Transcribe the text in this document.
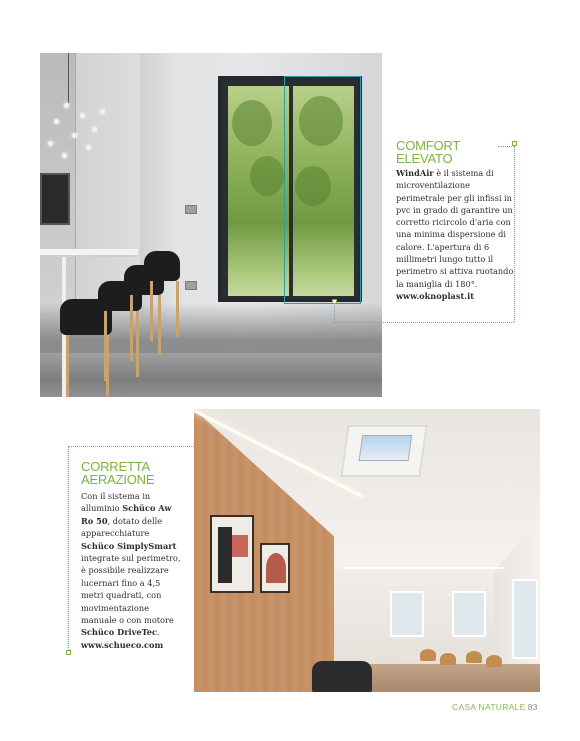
COMFORT ELEVATO
WindAir è il sistema di microventilazione perimetrale per gli infissi in pvc in grado di garantire un corretto ricircolo d'aria con una minima dispersione di calore. L'apertura di 6 millimetri lungo tutto il perimetro si attiva ruotando la maniglia di 180°.
www.oknoplast.it
CORRETTA
AERAZIONE
Con il sistema in alluminio Schüco Aw Ro 50, dotato delle apparecchiature Schüco SimplySmart integrate sul perimetro, è possibile realizzare lucernari fino a 4,5 metri quadrati, con movimentazione manuale o con motore Schüco DriveTec.
www.schueco.com
CASA NATURALE 83
